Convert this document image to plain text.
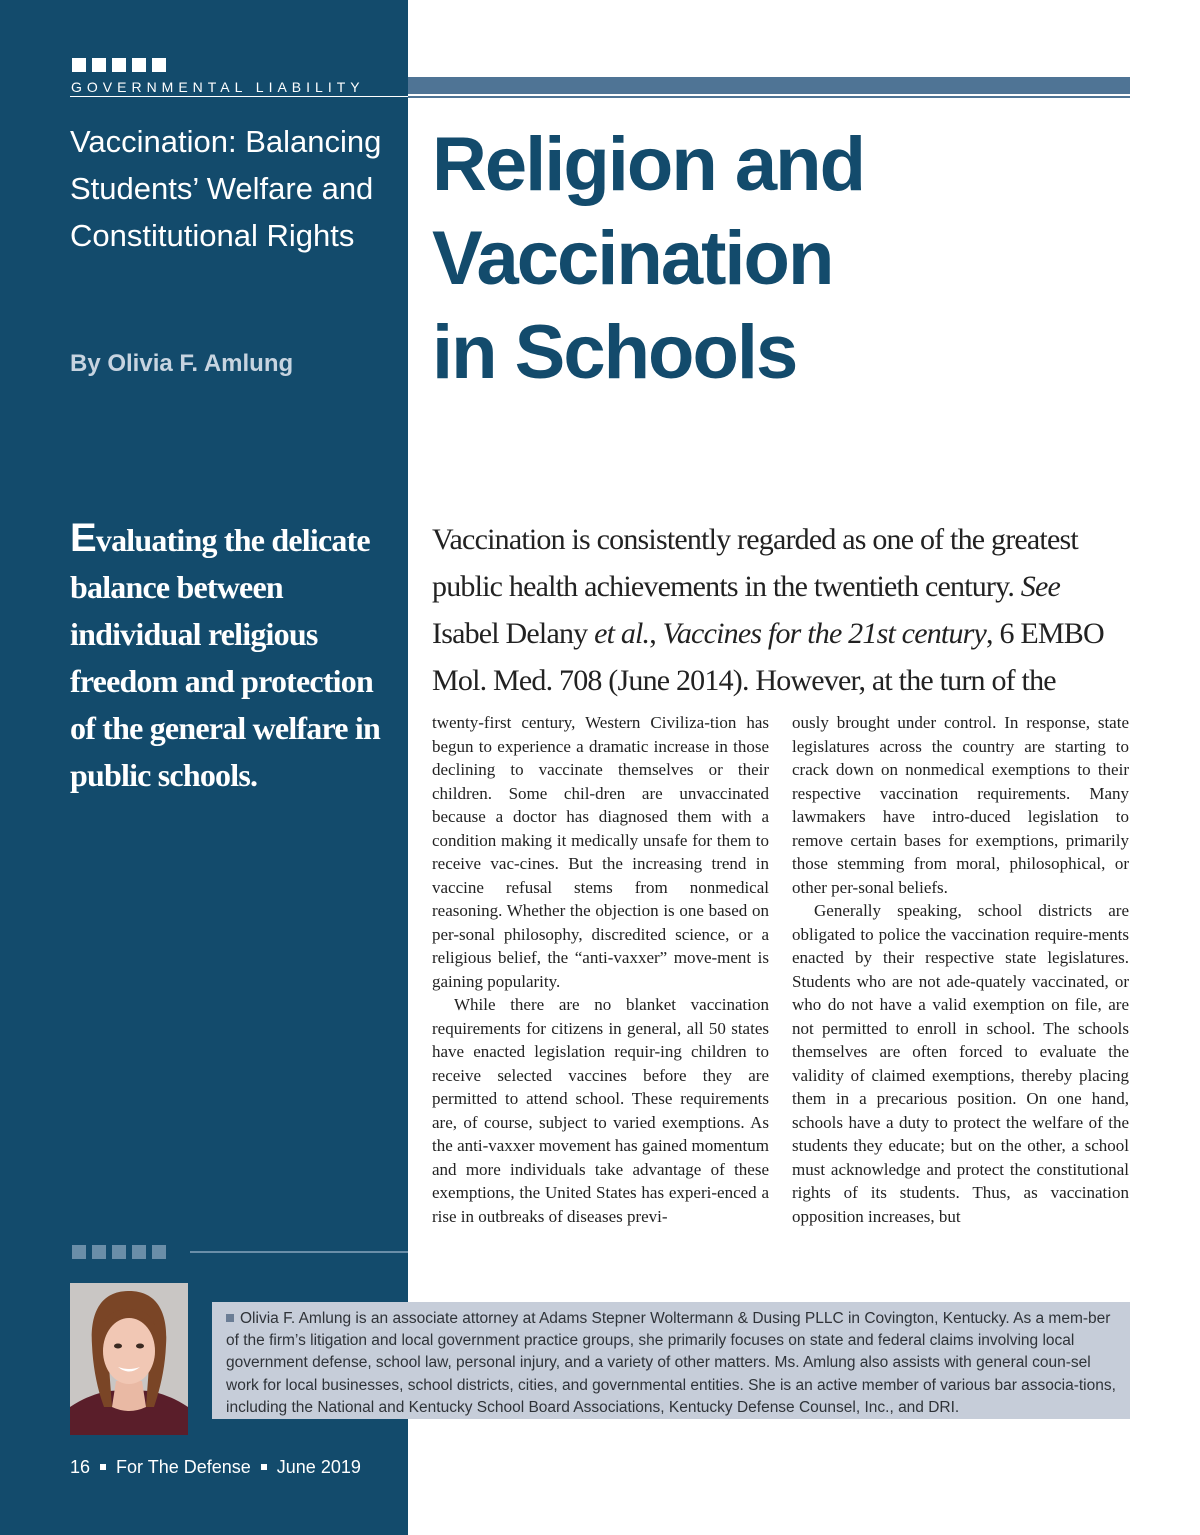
GOVERNMENTAL LIABILITY
Vaccination: Balancing Students’ Welfare and Constitutional Rights
By Olivia F. Amlung
Evaluating the delicate balance between individual religious freedom and protection of the general welfare in public schools.
Religion and
Vaccination
in Schools
Vaccination is consistently regarded as one of the greatest public health achievements in the twentieth century. See Isabel Delany et al., Vaccines for the 21st century, 6 EMBO Mol. Med. 708 (June 2014). However, at the turn of the

twenty-first century, Western Civiliza-tion has begun to experience a dramatic increase in those declining to vaccinate themselves or their children. Some chil-dren are unvaccinated because a doctor has diagnosed them with a condition making it medically unsafe for them to receive vac-cines. But the increasing trend in vaccine refusal stems from nonmedical reasoning. Whether the objection is one based on per-sonal philosophy, discredited science, or a religious belief, the “anti-vaxxer” move-ment is gaining popularity.

While there are no blanket vaccination requirements for citizens in general, all 50 states have enacted legislation requir-ing children to receive selected vaccines before they are permitted to attend school. These requirements are, of course, subject to varied exemptions. As the anti-vaxxer movement has gained momentum and more individuals take advantage of these exemptions, the United States has experi-enced a rise in outbreaks of diseases previ-

ously brought under control. In response, state legislatures across the country are starting to crack down on nonmedical exemptions to their respective vaccination requirements. Many lawmakers have intro-duced legislation to remove certain bases for exemptions, primarily those stemming from moral, philosophical, or other per-sonal beliefs.

Generally speaking, school districts are obligated to police the vaccination require-ments enacted by their respective state legislatures. Students who are not ade-quately vaccinated, or who do not have a valid exemption on file, are not permitted to enroll in school. The schools themselves are often forced to evaluate the validity of claimed exemptions, thereby placing them in a precarious position. On one hand, schools have a duty to protect the welfare of the students they educate; but on the other, a school must acknowledge and protect the constitutional rights of its students. Thus, as vaccination opposition increases, but

Olivia F. Amlung is an associate attorney at Adams Stepner Woltermann & Dusing PLLC in Covington, Kentucky. As a mem-ber of the firm’s litigation and local government practice groups, she primarily focuses on state and federal claims involving local government defense, school law, personal injury, and a variety of other matters. Ms. Amlung also assists with general coun-sel work for local businesses, school districts, cities, and governmental entities. She is an active member of various bar associa-tions, including the National and Kentucky School Board Associations, Kentucky Defense Counsel, Inc., and DRI.
16 For The Defense June 2019
